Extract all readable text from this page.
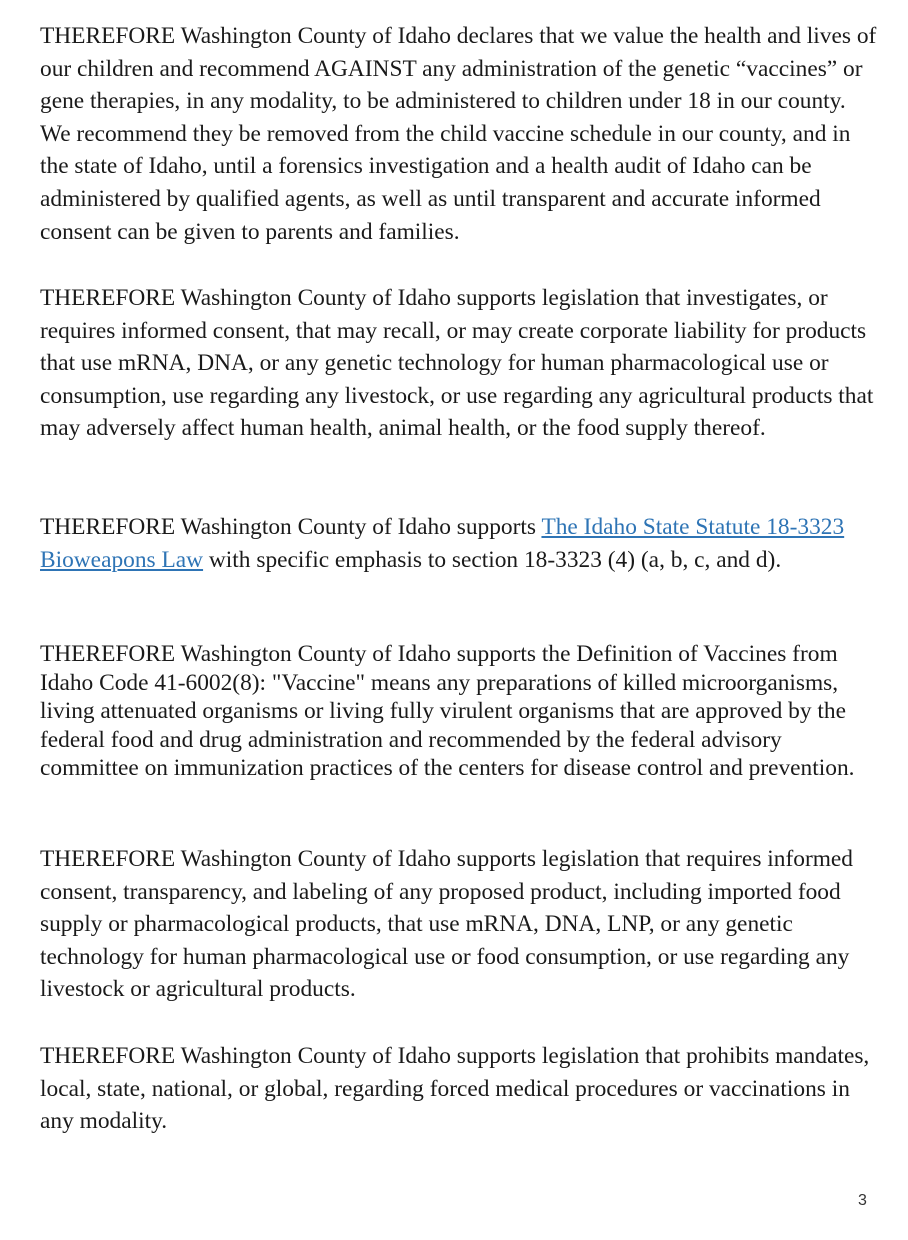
THEREFORE Washington County of Idaho declares that we value the health and lives of our children and recommend AGAINST any administration of the genetic “vaccines” or gene therapies, in any modality, to be administered to children under 18 in our county. We recommend they be removed from the child vaccine schedule in our county, and in the state of Idaho, until a forensics investigation and a health audit of Idaho can be administered by qualified agents, as well as until transparent and accurate informed consent can be given to parents and families.

THEREFORE Washington County of Idaho supports legislation that investigates, or requires informed consent, that may recall, or may create corporate liability for products that use mRNA, DNA, or any genetic technology for human pharmacological use or consumption, use regarding any livestock, or use regarding any agricultural products that may adversely affect human health, animal health, or the food supply thereof.

THEREFORE Washington County of Idaho supports The Idaho State Statute 18-3323 Bioweapons Law with specific emphasis to section 18-3323 (4) (a, b, c, and d).

THEREFORE Washington County of Idaho supports the Definition of Vaccines from Idaho Code 41-6002(8): "Vaccine" means any preparations of killed microorganisms, living attenuated organisms or living fully virulent organisms that are approved by the federal food and drug administration and recommended by the federal advisory committee on immunization practices of the centers for disease control and prevention.

THEREFORE Washington County of Idaho supports legislation that requires informed consent, transparency, and labeling of any proposed product, including imported food supply or pharmacological products, that use mRNA, DNA, LNP, or any genetic technology for human pharmacological use or food consumption, or use regarding any livestock or agricultural products.

THEREFORE Washington County of Idaho supports legislation that prohibits mandates, local, state, national, or global, regarding forced medical procedures or vaccinations in any modality.

3
